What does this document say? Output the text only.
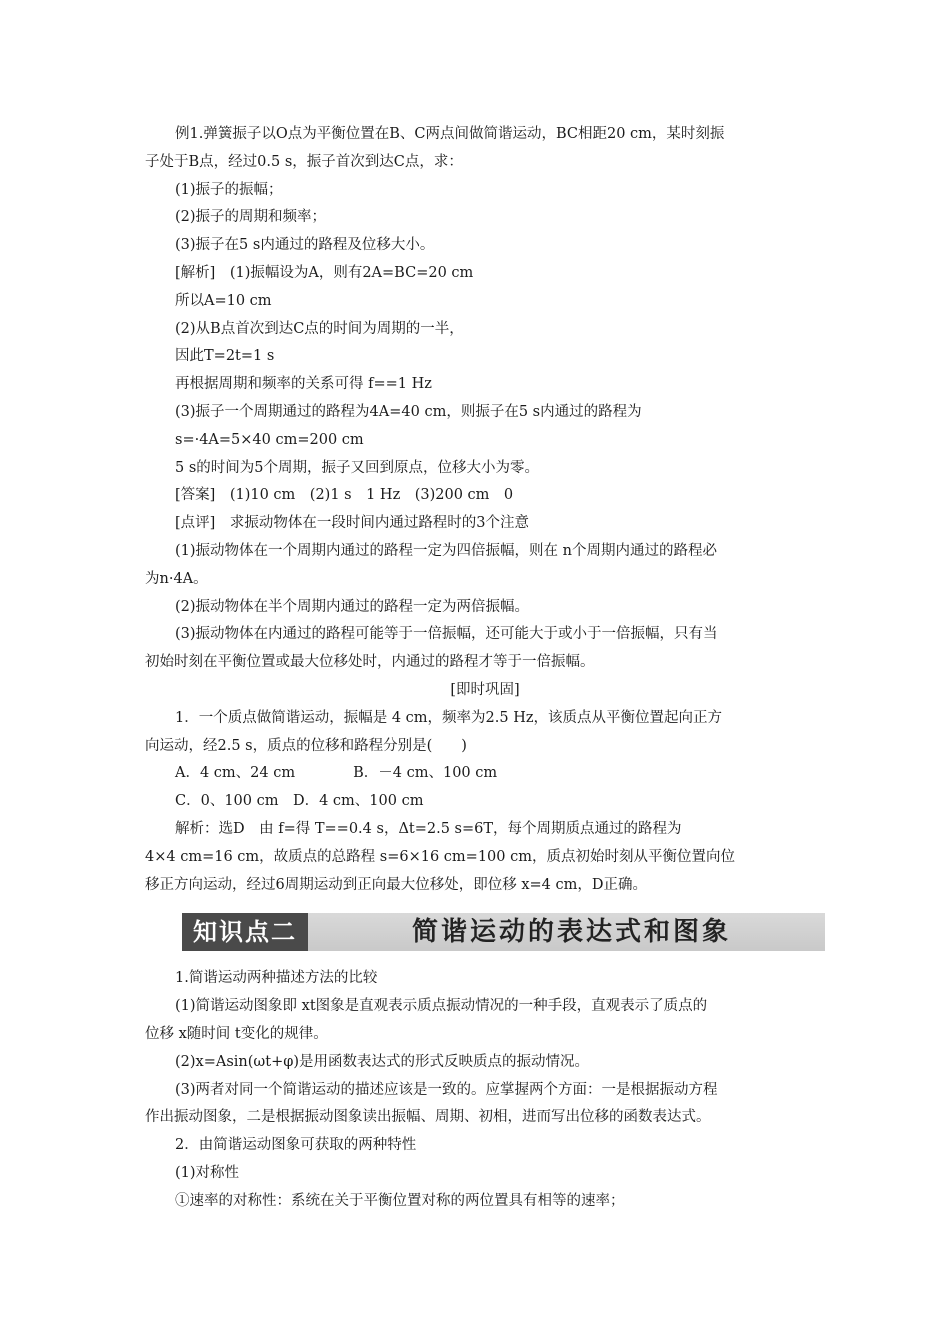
例1.弹簧振子以O点为平衡位置在B、C两点间做简谐运动，BC相距20 cm，某时刻振

子处于B点，经过0.5 s，振子首次到达C点，求：

(1)振子的振幅；

(2)振子的周期和频率；

(3)振子在5 s内通过的路程及位移大小。

[解析]　(1)振幅设为A，则有2A=BC=20 cm

所以A=10 cm

(2)从B点首次到达C点的时间为周期的一半，

因此T=2t=1 s

再根据周期和频率的关系可得 f==1 Hz

(3)振子一个周期通过的路程为4A=40 cm，则振子在5 s内通过的路程为

s=·4A=5×40 cm=200 cm

5 s的时间为5个周期，振子又回到原点，位移大小为零。

[答案]　(1)10 cm　(2)1 s　1 Hz　(3)200 cm　0

[点评]　求振动物体在一段时间内通过路程时的3个注意

(1)振动物体在一个周期内通过的路程一定为四倍振幅，则在 n个周期内通过的路程必

为n·4A。

(2)振动物体在半个周期内通过的路程一定为两倍振幅。

(3)振动物体在内通过的路程可能等于一倍振幅，还可能大于或小于一倍振幅，只有当

初始时刻在平衡位置或最大位移处时，内通过的路程才等于一倍振幅。

[即时巩固]

1．一个质点做简谐运动，振幅是 4 cm，频率为2.5 Hz，该质点从平衡位置起向正方

向运动，经2.5 s，质点的位移和路程分别是(　　)

A．4 cm、24 cm　　　　B．－4 cm、100 cm

C．0、100 cm　D．4 cm、100 cm

解析：选D　由 f=得 T==0.4 s，Δt=2.5 s=6T，每个周期质点通过的路程为

4×4 cm=16 cm，故质点的总路程 s=6×16 cm=100 cm，质点初始时刻从平衡位置向位

移正方向运动，经过6周期运动到正向最大位移处，即位移 x=4 cm，D正确。

知识点二	简谐运动的表达式和图象

1.简谐运动两种描述方法的比较

(1)简谐运动图象即 xt图象是直观表示质点振动情况的一种手段，直观表示了质点的

位移 x随时间 t变化的规律。

(2)x=Asin(ωt+φ)是用函数表达式的形式反映质点的振动情况。

(3)两者对同一个简谐运动的描述应该是一致的。应掌握两个方面：一是根据振动方程

作出振动图象，二是根据振动图象读出振幅、周期、初相，进而写出位移的函数表达式。

2．由简谐运动图象可获取的两种特性

(1)对称性

①速率的对称性：系统在关于平衡位置对称的两位置具有相等的速率；
